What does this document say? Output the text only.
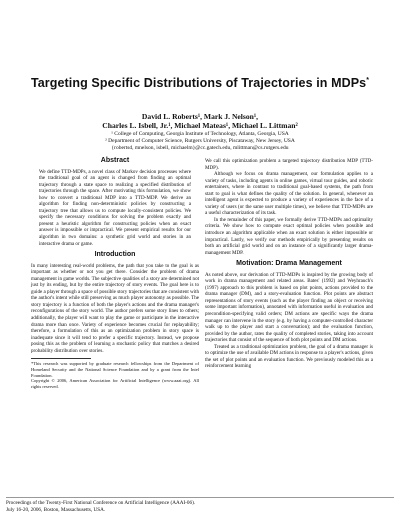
Targeting Specific Distributions of Trajectories in MDPs*
David L. Roberts¹, Mark J. Nelson¹,
Charles L. Isbell, Jr.¹, Michael Mateas¹, Michael L. Littman²
¹ College of Computing, Georgia Institute of Technology, Atlanta, Georgia, USA
² Department of Computer Science, Rutgers University, Piscataway, New Jersey, USA
{robertsd, mnelson, isbell, michaelm}@cc.gatech.edu, mlittman@cs.rutgers.edu
Abstract

We define TTD-MDPs, a novel class of Markov decision processes where the traditional goal of an agent is changed from finding an optimal trajectory through a state space to realizing a specified distribution of trajectories through the space. After motivating this formulation, we show how to convert a traditional MDP into a TTD-MDP. We derive an algorithm for finding non-deterministic policies by constructing a trajectory tree that allows us to compute locally-consistent policies. We specify the necessary conditions for solving the problem exactly and present a heuristic algorithm for constructing policies when an exact answer is impossible or impractical. We present empirical results for our algorithm in two domains: a synthetic grid world and stories in an interactive drama or game.

Introduction

In many interesting real-world problems, the path that you take to the goal is as important as whether or not you get there. Consider the problem of drama management in game worlds. The subjective qualities of a story are determined not just by its ending, but by the entire trajectory of story events. The goal here is to guide a player through a space of possible story trajectories that are consistent with the author's intent while still preserving as much player autonomy as possible. The story trajectory is a function of both the player's actions and the drama manager's reconfigurations of the story world. The author prefers some story lines to others; additionally, the player will want to play the game or participate in the interactive drama more than once. Variety of experience becomes crucial for replayability; therefore, a formulation of this as an optimization problem in story space is inadequate since it will tend to prefer a specific trajectory. Instead, we propose posing this as the problem of learning a stochastic policy that matches a desired probability distribution over stories.

*This research was supported by graduate research fellowships from the Department of Homeland Security and the National Science Foundation and by a grant from the Intel Foundation.

Copyright © 2006, American Association for Artificial Intelligence (www.aaai.org). All rights reserved.

We call this optimization problem a targeted trajectory distribution MDP (TTD-MDP).

Although we focus on drama management, our formulation applies to a variety of tasks, including agents in online games, virtual tour guides, and robotic entertainers, where in contrast to traditional goal-based systems, the path from start to goal is what defines the quality of the solution. In general, whenever an intelligent agent is expected to produce a variety of experiences in the face of a variety of users (or the same user multiple times), we believe that TTD-MDPs are a useful characterization of its task.

In the remainder of this paper, we formally derive TTD-MDPs and optimality criteria. We show how to compute exact optimal policies when possible and introduce an algorithm applicable when an exact solution is either impossible or impractical. Lastly, we verify our methods empirically by presenting results on both an artificial grid world and on an instance of a significantly larger drama-management MDP.

Motivation: Drama Management

As noted above, our derivation of TTD-MDPs is inspired by the growing body of work in drama management and related areas. Bates' (1992) and Weyhrauch's (1997) approach to this problem is based on plot points, actions provided to the drama manager (DM), and a story-evaluation function. Plot points are abstract representations of story events (such as the player finding an object or receiving some important information), annotated with information useful in evaluation and precondition-specifying valid orders; DM actions are specific ways the drama manager can intervene in the story (e.g. by having a computer-controlled character walk up to the player and start a conversation); and the evaluation function, provided by the author, rates the quality of completed stories, taking into account trajectories that consist of the sequence of both plot points and DM actions.

Treated as a traditional optimization problem, the goal of a drama manager is to optimize the use of available DM actions in response to a player's actions, given the set of plot points and an evaluation function. We previously modeled this as a reinforcement learning

Proceedings of the Twenty-First National Conference on Artificial Intelligence (AAAI-06).
July 16-20, 2006, Boston, Massachusetts, USA.
